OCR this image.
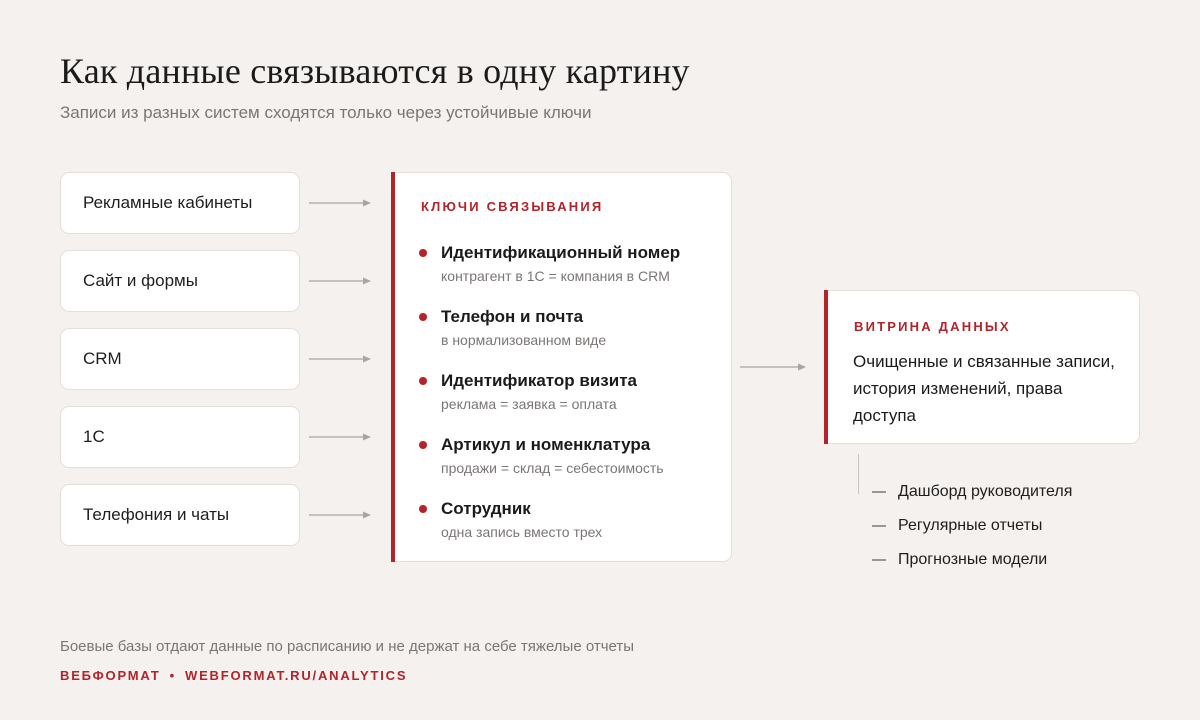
Как данные связываются в одну картину
Записи из разных систем сходятся только через устойчивые ключи
Рекламные кабинеты
Сайт и формы
CRM
1С
Телефония и чаты
КЛЮЧИ СВЯЗЫВАНИЯ
Идентификационный номер
контрагент в 1С = компания в CRM
Телефон и почта
в нормализованном виде
Идентификатор визита
реклама = заявка = оплата
Артикул и номенклатура
продажи = склад = себестоимость
Сотрудник
одна запись вместо трех
ВИТРИНА ДАННЫХ
Очищенные и связанные записи, история изменений, права доступа
Дашборд руководителя
Регулярные отчеты
Прогнозные модели
Боевые базы отдают данные по расписанию и не держат на себе тяжелые отчеты
ВЕБФОРМАТ • WEBFORMAT.RU/ANALYTICS
